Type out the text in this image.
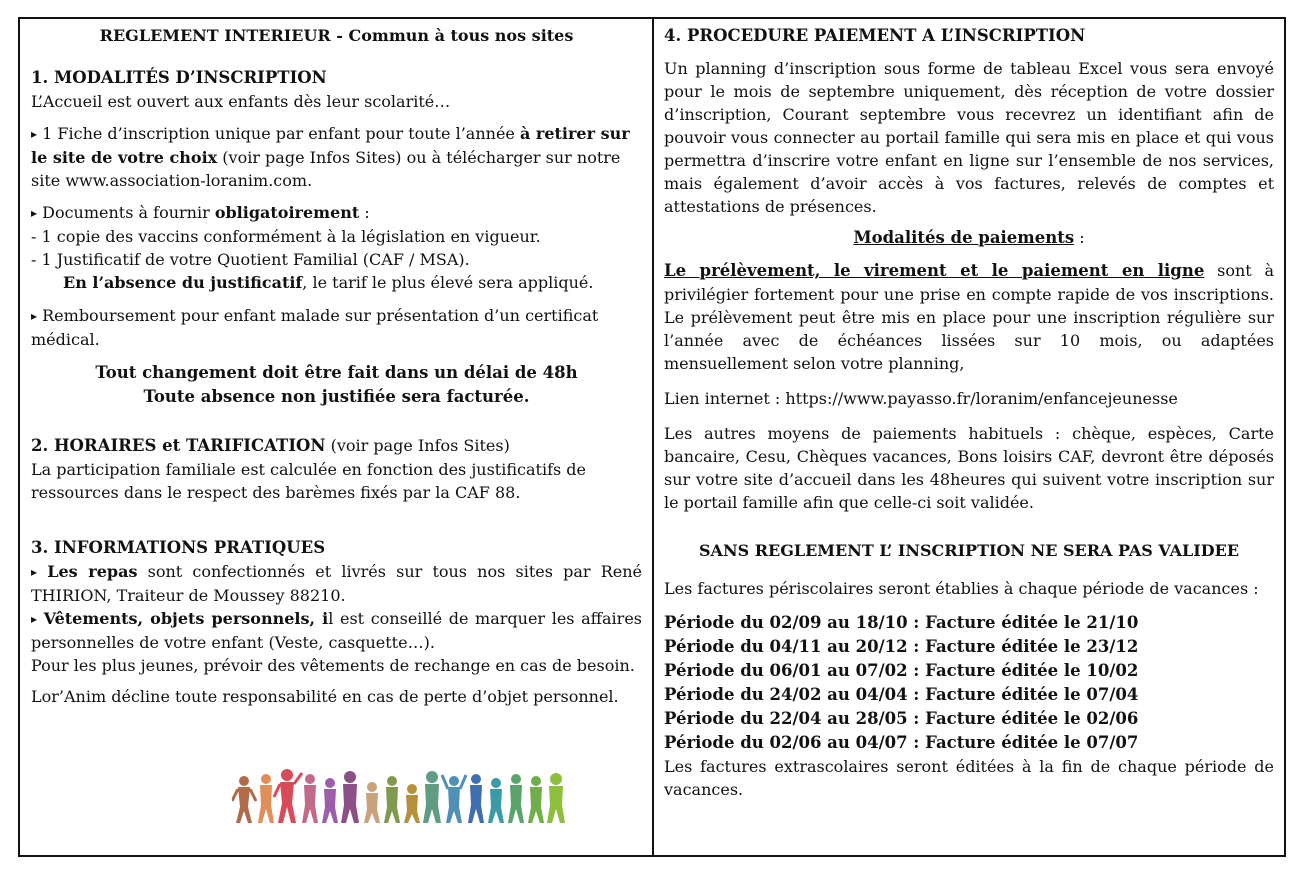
REGLEMENT INTERIEUR - Commun à tous nos sites

1. MODALITÉS D’INSCRIPTION

L’Accueil est ouvert aux enfants dès leur scolarité…

▸ 1 Fiche d’inscription unique par enfant pour toute l’année à retirer sur le site de votre choix (voir page Infos Sites) ou à télécharger sur notre site www.association-loranim.com.

▸ Documents à fournir obligatoirement :

- 1 copie des vaccins conformément à la législation en vigueur.

- 1 Justificatif de votre Quotient Familial (CAF / MSA).

En l’absence du justificatif, le tarif le plus élevé sera appliqué.

▸ Remboursement pour enfant malade sur présentation d’un certificat médical.

Tout changement doit être fait dans un délai de 48h

Toute absence non justifiée sera facturée.

2. HORAIRES et TARIFICATION (voir page Infos Sites)

La participation familiale est calculée en fonction des justificatifs de ressources dans le respect des barèmes fixés par la CAF 88.

3. INFORMATIONS PRATIQUES

▸ Les repas sont confectionnés et livrés sur tous nos sites par René THIRION, Traiteur de Moussey 88210.

▸ Vêtements, objets personnels, il est conseillé de marquer les affaires personnelles de votre enfant (Veste, casquette…).

Pour les plus jeunes, prévoir des vêtements de rechange en cas de besoin.

Lor’Anim décline toute responsabilité en cas de perte d’objet personnel.

4. PROCEDURE PAIEMENT A L’INSCRIPTION

Un planning d’inscription sous forme de tableau Excel vous sera envoyé pour le mois de septembre uniquement, dès réception de votre dossier d’inscription, Courant septembre vous recevrez un identifiant afin de pouvoir vous connecter au portail famille qui sera mis en place et qui vous permettra d’inscrire votre enfant en ligne sur l’ensemble de nos services, mais également d’avoir accès à vos factures, relevés de comptes et attestations de présences.

Modalités de paiements :

Le prélèvement, le virement et le paiement en ligne sont à privilégier fortement pour une prise en compte rapide de vos inscriptions. Le prélèvement peut être mis en place pour une inscription régulière sur l’année avec de échéances lissées sur 10 mois, ou adaptées mensuellement selon votre planning,

Lien internet : https://www.payasso.fr/loranim/enfancejeunesse

Les autres moyens de paiements habituels : chèque, espèces, Carte bancaire, Cesu, Chèques vacances, Bons loisirs CAF, devront être déposés sur votre site d’accueil dans les 48heures qui suivent votre inscription sur le portail famille afin que celle-ci soit validée.

SANS REGLEMENT L’ INSCRIPTION NE SERA PAS VALIDEE

Les factures périscolaires seront établies à chaque période de vacances :

Période du 02/09 au 18/10 : Facture éditée le 21/10

Période du 04/11 au 20/12 : Facture éditée le 23/12

Période du 06/01 au 07/02 : Facture éditée le 10/02

Période du 24/02 au 04/04 : Facture éditée le 07/04

Période du 22/04 au 28/05 : Facture éditée le 02/06

Période du 02/06 au 04/07 : Facture éditée le 07/07

Les factures extrascolaires seront éditées à la fin de chaque période de vacances.
